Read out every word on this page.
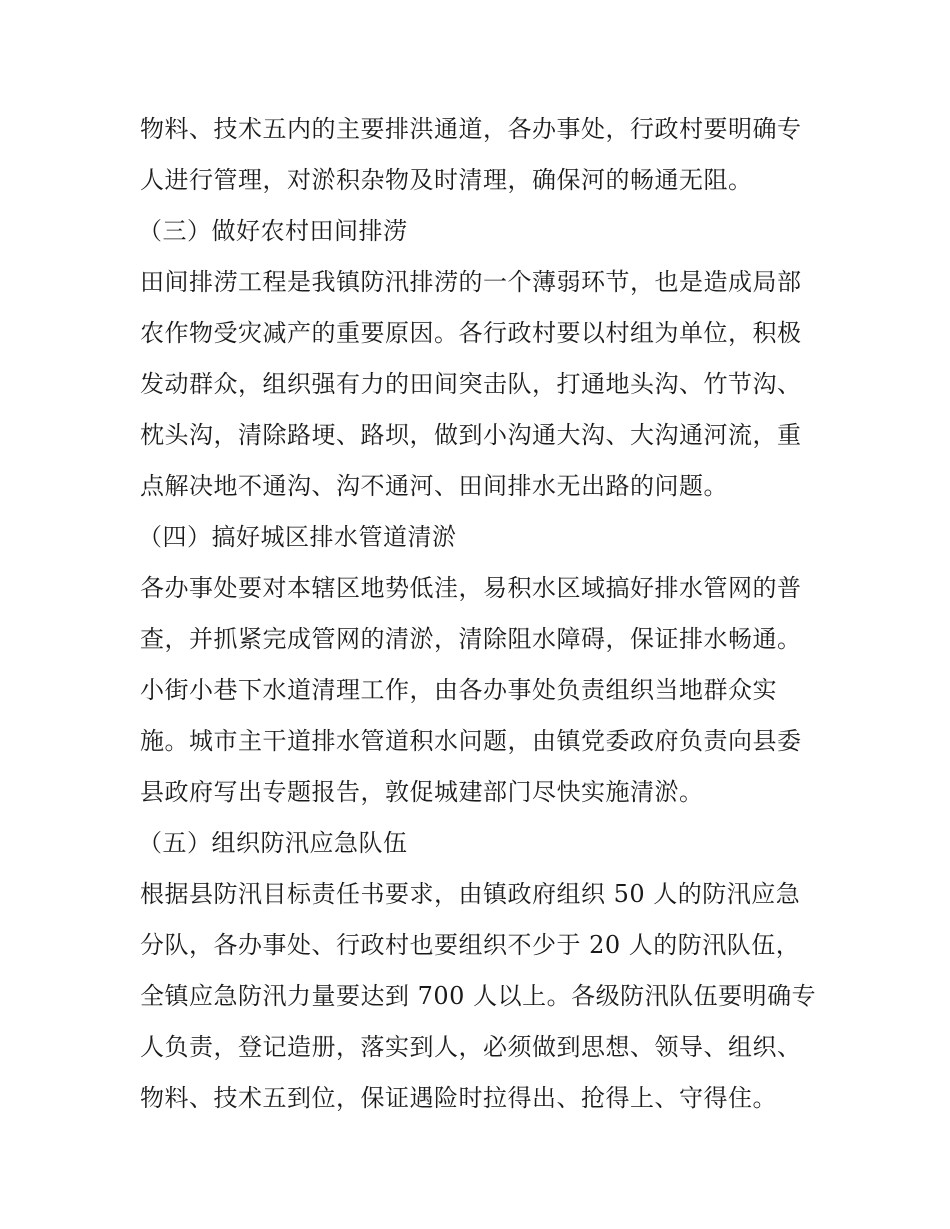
物料、技术五内的主要排洪通道，各办事处，行政村要明确专
人进行管理，对淤积杂物及时清理，确保河的畅通无阻。
（三）做好农村田间排涝
田间排涝工程是我镇防汛排涝的一个薄弱环节，也是造成局部
农作物受灾减产的重要原因。各行政村要以村组为单位，积极
发动群众，组织强有力的田间突击队，打通地头沟、竹节沟、
枕头沟，清除路埂、路坝，做到小沟通大沟、大沟通河流，重
点解决地不通沟、沟不通河、田间排水无出路的问题。
（四）搞好城区排水管道清淤
各办事处要对本辖区地势低洼，易积水区域搞好排水管网的普
查，并抓紧完成管网的清淤，清除阻水障碍，保证排水畅通。
小街小巷下水道清理工作，由各办事处负责组织当地群众实
施。城市主干道排水管道积水问题，由镇党委政府负责向县委
县政府写出专题报告，敦促城建部门尽快实施清淤。
（五）组织防汛应急队伍
根据县防汛目标责任书要求，由镇政府组织 50 人的防汛应急
分队，各办事处、行政村也要组织不少于 20 人的防汛队伍，
全镇应急防汛力量要达到 700 人以上。各级防汛队伍要明确专
人负责，登记造册，落实到人，必须做到思想、领导、组织、
物料、技术五到位，保证遇险时拉得出、抢得上、守得住。
